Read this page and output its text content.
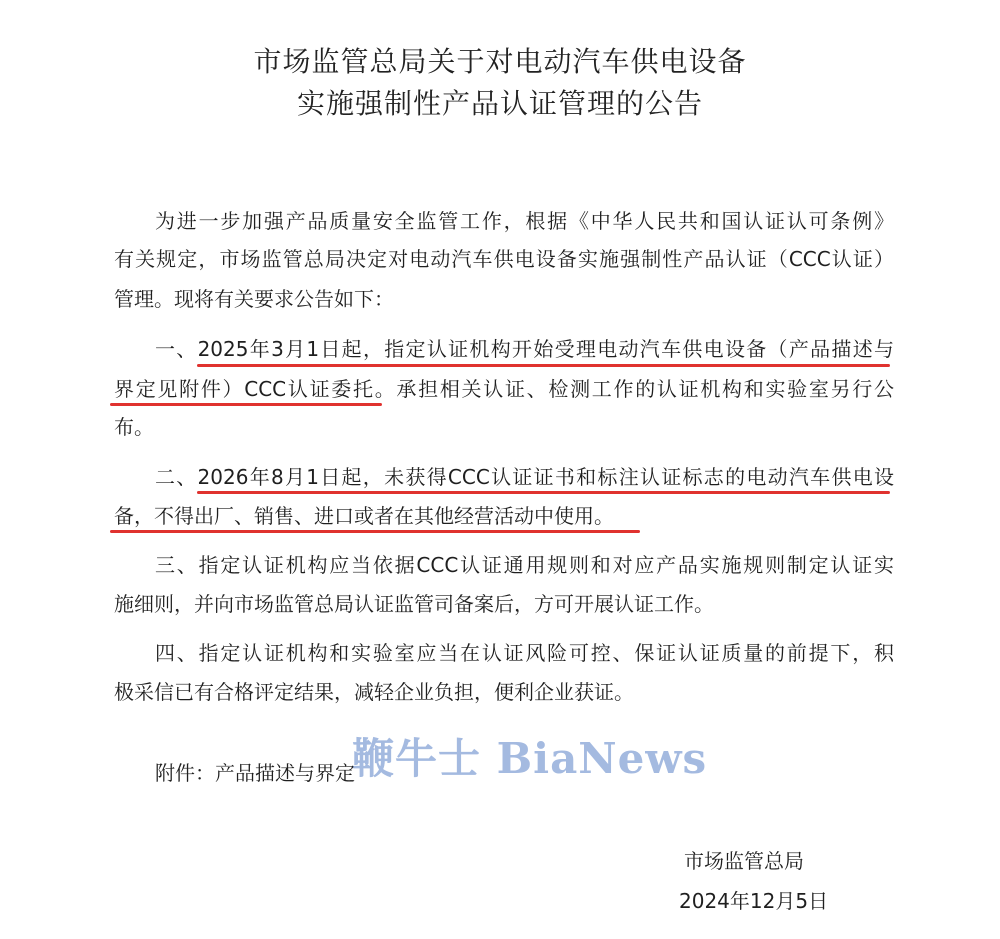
市场监管总局关于对电动汽车供电设备
实施强制性产品认证管理的公告
为进一步加强产品质量安全监管工作，根据《中华人民共和国认证认可条例》
有关规定，市场监管总局决定对电动汽车供电设备实施强制性产品认证（CCC认证）
管理。现将有关要求公告如下：
一、2025年3月1日起，指定认证机构开始受理电动汽车供电设备（产品描述与
界定见附件）CCC认证委托。承担相关认证、检测工作的认证机构和实验室另行公
布。
二、2026年8月1日起，未获得CCC认证证书和标注认证标志的电动汽车供电设
备，不得出厂、销售、进口或者在其他经营活动中使用。
三、指定认证机构应当依据CCC认证通用规则和对应产品实施规则制定认证实
施细则，并向市场监管总局认证监管司备案后，方可开展认证工作。
四、指定认证机构和实验室应当在认证风险可控、保证认证质量的前提下，积
极采信已有合格评定结果，减轻企业负担，便利企业获证。
附件：产品描述与界定
鞭牛士 BiaNews
市场监管总局
2024年12月5日
